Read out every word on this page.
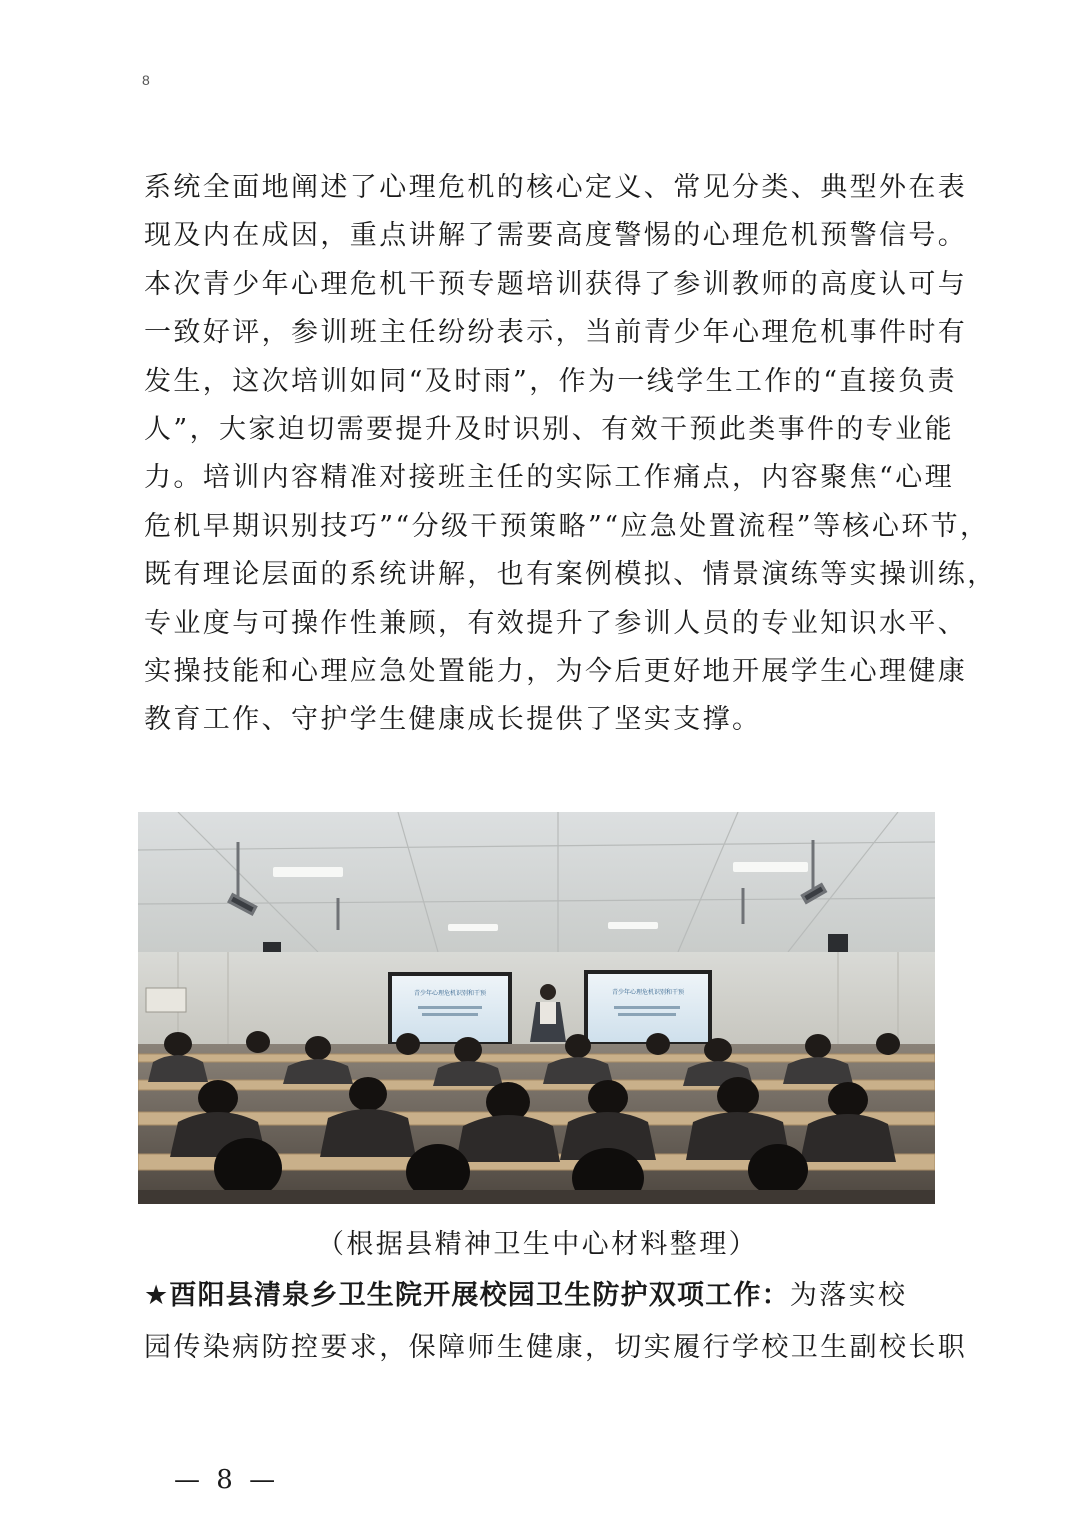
8
系统全面地阐述了心理危机的核心定义、常见分类、典型外在表
现及内在成因，重点讲解了需要高度警惕的心理危机预警信号。
本次青少年心理危机干预专题培训获得了参训教师的高度认可与
一致好评，参训班主任纷纷表示，当前青少年心理危机事件时有
发生，这次培训如同“及时雨”，作为一线学生工作的“直接负责
人”，大家迫切需要提升及时识别、有效干预此类事件的专业能
力。培训内容精准对接班主任的实际工作痛点，内容聚焦“心理
危机早期识别技巧”“分级干预策略”“应急处置流程”等核心环节，
既有理论层面的系统讲解，也有案例模拟、情景演练等实操训练，
专业度与可操作性兼顾，有效提升了参训人员的专业知识水平、
实操技能和心理应急处置能力，为今后更好地开展学生心理健康
教育工作、守护学生健康成长提供了坚实支撑。
青少年心理危机识别和干预	青少年心理危机识别和干预
（根据县精神卫生中心材料整理）
★酉阳县清泉乡卫生院开展校园卫生防护双项工作：为落实校
园传染病防控要求，保障师生健康，切实履行学校卫生副校长职
— 8 —
